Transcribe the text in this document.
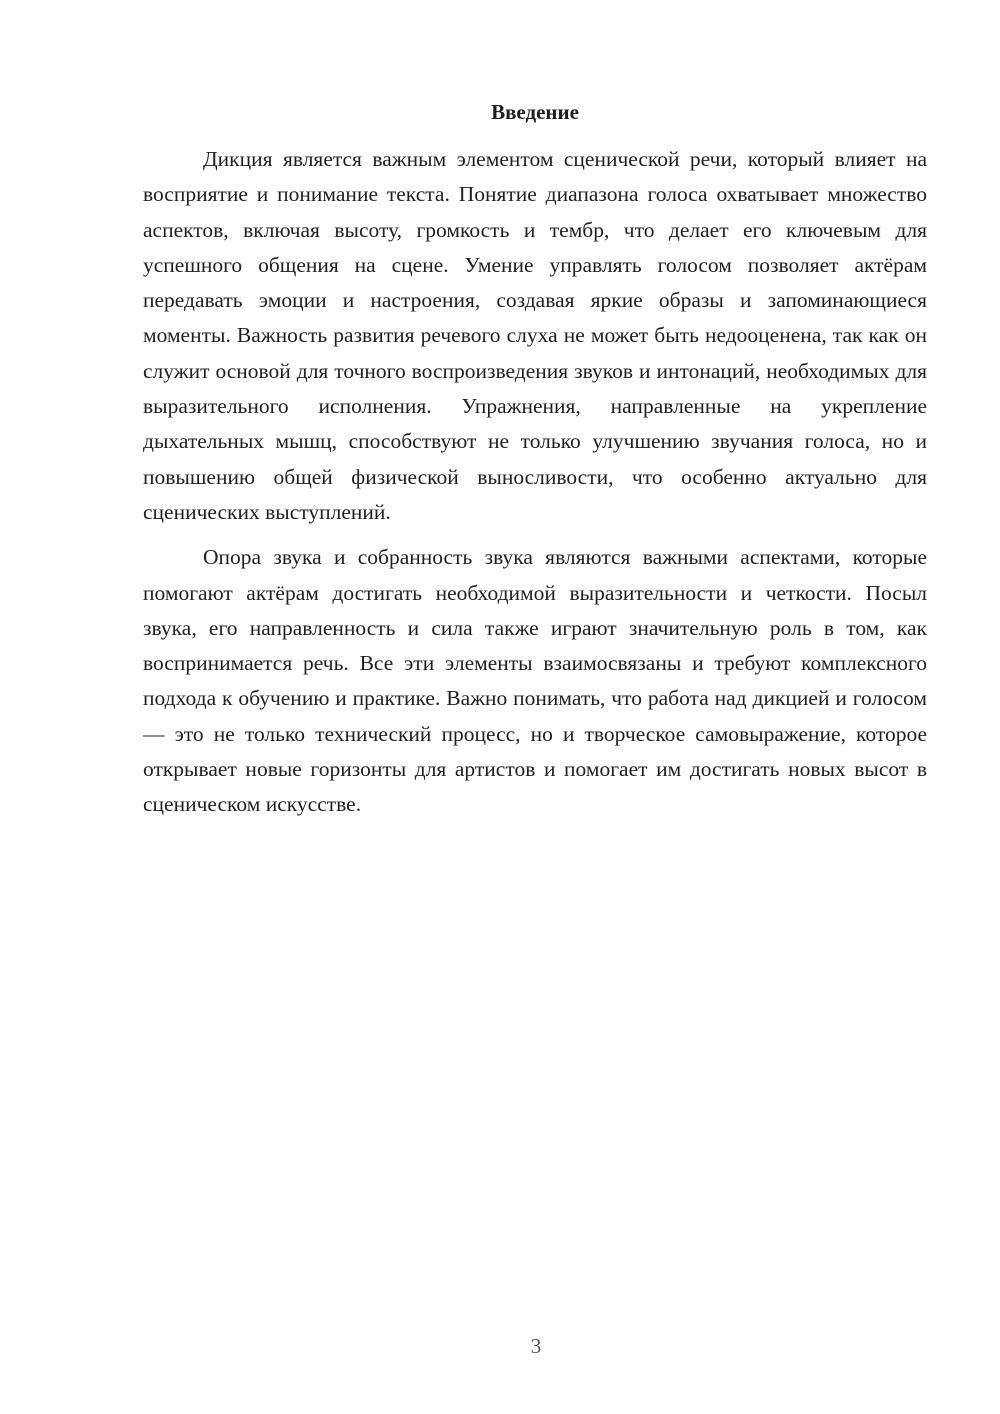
Введение

Дикция является важным элементом сценической речи, который влияет на восприятие и понимание текста. Понятие диапазона голоса охватывает множество аспектов, включая высоту, громкость и тембр, что делает его ключевым для успешного общения на сцене. Умение управлять голосом позволяет актёрам передавать эмоции и настроения, создавая яркие образы и запоминающиеся моменты. Важность развития речевого слуха не может быть недооценена, так как он служит основой для точного воспроизведения звуков и интонаций, необходимых для выразительного исполнения. Упражнения, направленные на укрепление дыхательных мышц, способствуют не только улучшению звучания голоса, но и повышению общей физической выносливости, что особенно актуально для сценических выступлений.

Опора звука и собранность звука являются важными аспектами, которые помогают актёрам достигать необходимой выразительности и четкости. Посыл звука, его направленность и сила также играют значительную роль в том, как воспринимается речь. Все эти элементы взаимосвязаны и требуют комплексного подхода к обучению и практике. Важно понимать, что работа над дикцией и голосом — это не только технический процесс, но и творческое самовыражение, которое открывает новые горизонты для артистов и помогает им достигать новых высот в сценическом искусстве.

3
